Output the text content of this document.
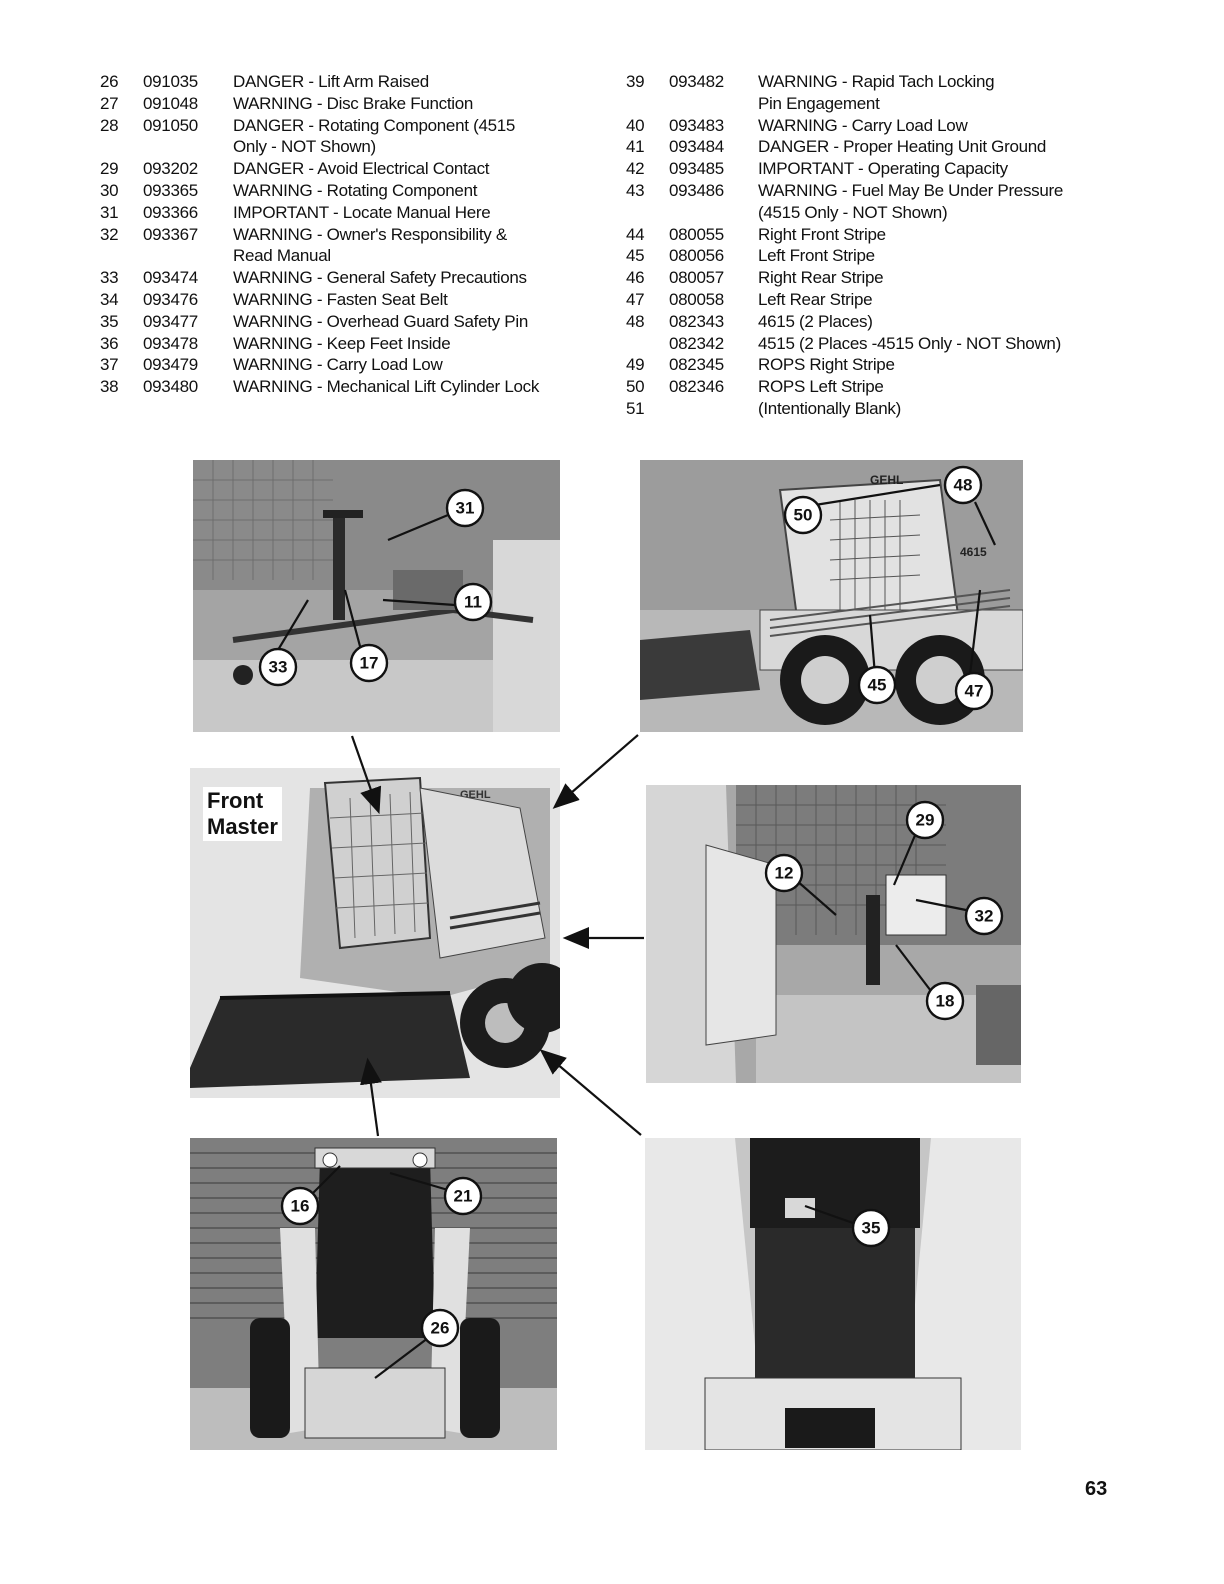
26 091035 DANGER - Lift Arm Raised
27 091048 WARNING - Disc Brake Function
28 091050 DANGER - Rotating Component (4515 Only - NOT Shown)
29 093202 DANGER - Avoid Electrical Contact
30 093365 WARNING - Rotating Component
31 093366 IMPORTANT - Locate Manual Here
32 093367 WARNING - Owner's Responsibility & Read Manual
33 093474 WARNING - General Safety Precautions
34 093476 WARNING - Fasten Seat Belt
35 093477 WARNING - Overhead Guard Safety Pin
36 093478 WARNING - Keep Feet Inside
37 093479 WARNING - Carry Load Low
38 093480 WARNING - Mechanical Lift Cylinder Lock
39 093482 WARNING - Rapid Tach Locking Pin Engagement
40 093483 WARNING - Carry Load Low
41 093484 DANGER - Proper Heating Unit Ground
42 093485 IMPORTANT - Operating Capacity
43 093486 WARNING - Fuel May Be Under Pressure (4515 Only - NOT Shown)
44 080055 Right Front Stripe
45 080056 Left Front Stripe
46 080057 Right Rear Stripe
47 080058 Left Rear Stripe
48 082343 4615 (2 Places)
082342 4515 (2 Places -4515 Only - NOT Shown)
49 082345 ROPS Right Stripe
50 082346 ROPS Left Stripe
51	(Intentionally Blank)
31
11
33	17
GEHL
4615
50
48
45	47
GEHL
Front
Master	29
12
32
18
16
21
26
35
63
